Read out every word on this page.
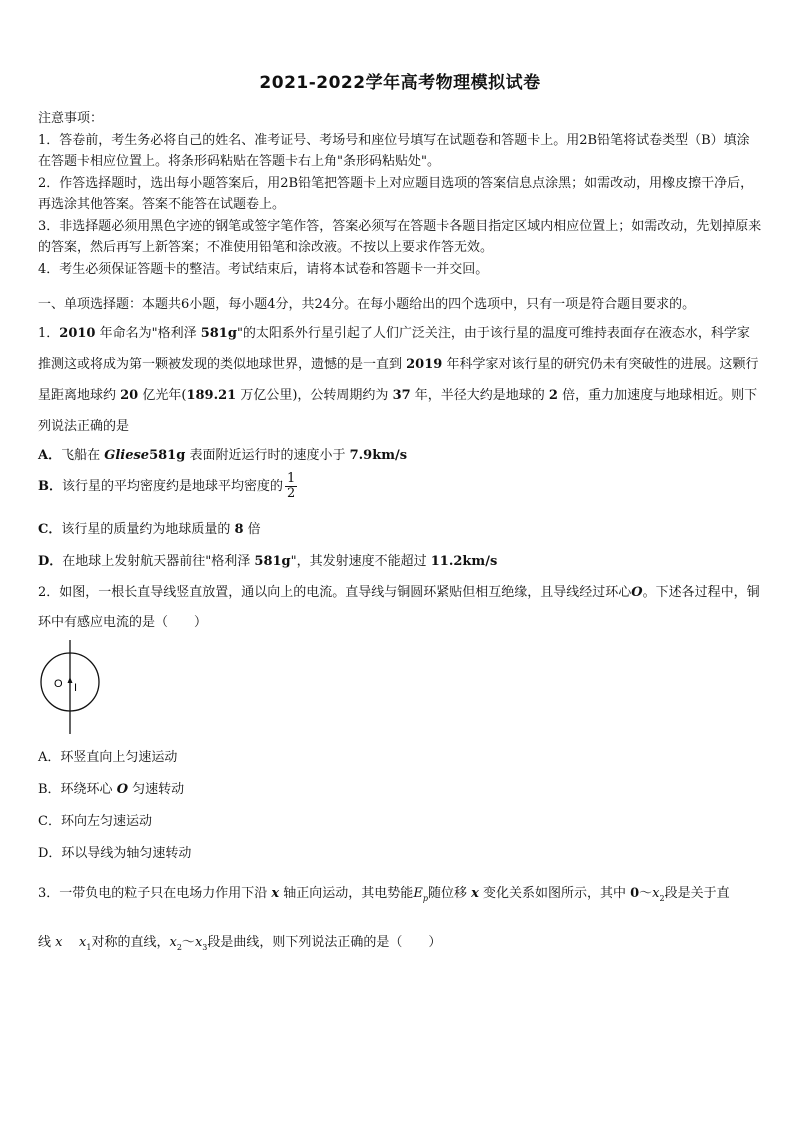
2021-2022学年高考物理模拟试卷
注意事项：
1．答卷前，考生务必将自己的姓名、准考证号、考场号和座位号填写在试题卷和答题卡上。用2B铅笔将试卷类型（B）填涂在答题卡相应位置上。将条形码粘贴在答题卡右上角"条形码粘贴处"。
2．作答选择题时，选出每小题答案后，用2B铅笔把答题卡上对应题目选项的答案信息点涂黑；如需改动，用橡皮擦干净后，再选涂其他答案。答案不能答在试题卷上。
3．非选择题必须用黑色字迹的钢笔或签字笔作答，答案必须写在答题卡各题目指定区域内相应位置上；如需改动，先划掉原来的答案，然后再写上新答案；不准使用铅笔和涂改液。不按以上要求作答无效。
4．考生必须保证答题卡的整洁。考试结束后，请将本试卷和答题卡一并交回。
一、单项选择题：本题共6小题，每小题4分，共24分。在每小题给出的四个选项中，只有一项是符合题目要求的。
1．2010 年命名为"格利泽 581g"的太阳系外行星引起了人们广泛关注，由于该行星的温度可维持表面存在液态水，科学家推测这或将成为第一颗被发现的类似地球世界，遗憾的是一直到 2019 年科学家对该行星的研究仍未有突破性的进展。这颗行星距离地球约 20 亿光年(189.21 万亿公里)，公转周期约为 37 年，半径大约是地球的 2 倍，重力加速度与地球相近。则下列说法正确的是
A．飞船在 Gliese581g 表面附近运行时的速度小于 7.9km/s
B．该行星的平均密度约是地球平均密度的 $\frac{1}{2}$
C．该行星的质量约为地球质量的 8 倍
D．在地球上发射航天器前往"格利泽 581g"，其发射速度不能超过 11.2km/s
2．如图，一根长直导线竖直放置，通以向上的电流。直导线与铜圆环紧贴但相互绝缘，且导线经过环心O。下述各过程中，铜环中有感应电流的是（　　）
O I
A．环竖直向上匀速运动
B．环绕环心 O 匀速转动
C．环向左匀速运动
D．环以导线为轴匀速转动
3．一带负电的粒子只在电场力作用下沿 x 轴正向运动，其电势能$E_p$随位移 x 变化关系如图所示，其中 $0\sim x_2$段是关于直线 x $x_1$对称的直线，$x_2\sim x_3$段是曲线，则下列说法正确的是（　　）
